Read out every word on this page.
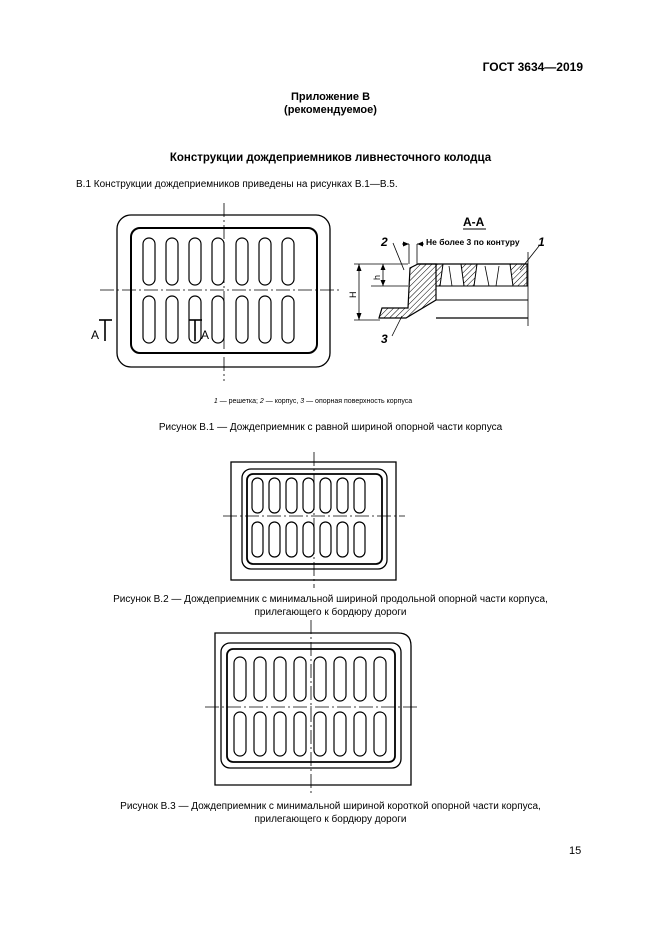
ГОСТ 3634—2019
Приложение В
(рекомендуемое)
Конструкции дождеприемников ливнесточного колодца
В.1 Конструкции дождеприемников приведены на рисунках В.1—В.5.
А	А
А-А
Н
h
Не более 3 по контуру
2	1
3
1 — решетка; 2 — корпус, 3 — опорная поверхность корпуса
Рисунок В.1 — Дождеприемник с равной шириной опорной части корпуса
Рисунок В.2 — Дождеприемник с минимальной шириной продольной опорной части корпуса,
прилегающего к бордюру дороги
Рисунок В.3 — Дождеприемник с минимальной шириной короткой опорной части корпуса,
прилегающего к бордюру дороги
15
